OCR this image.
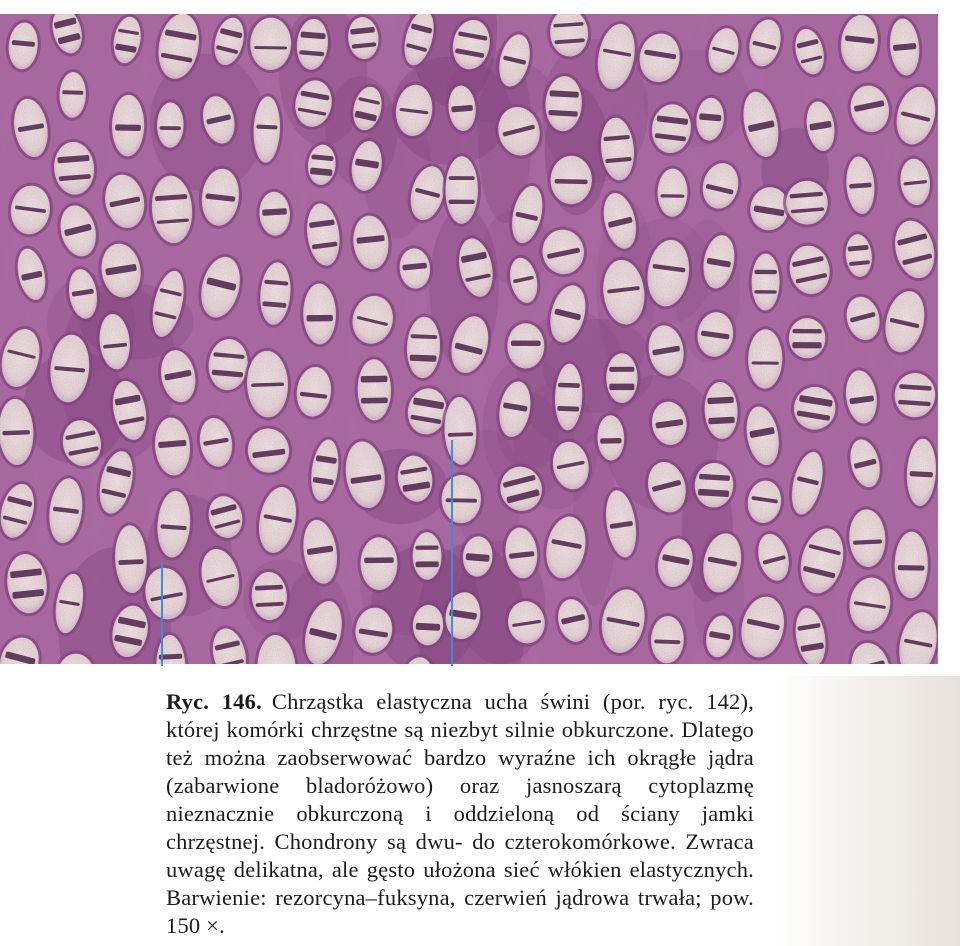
Ryc. 146. Chrząstka elastyczna ucha świni (por. ryc. 142), której komórki chrzęstne są niezbyt silnie obkurczone. Dlatego też można zaobserwować bardzo wyraźne ich okrągłe jądra (zabarwione bladoróżowo) oraz jasnoszarą cytoplazmę nieznacznie obkurczoną i oddzieloną od ściany jamki chrzęstnej. Chondrony są dwu- do czterokomórkowe. Zwraca uwagę delikatna, ale gęsto ułożona sieć włókien elastycznych. Barwienie: rezorcyna–fuksyna, czerwień jądrowa trwała; pow. 150 ×.
